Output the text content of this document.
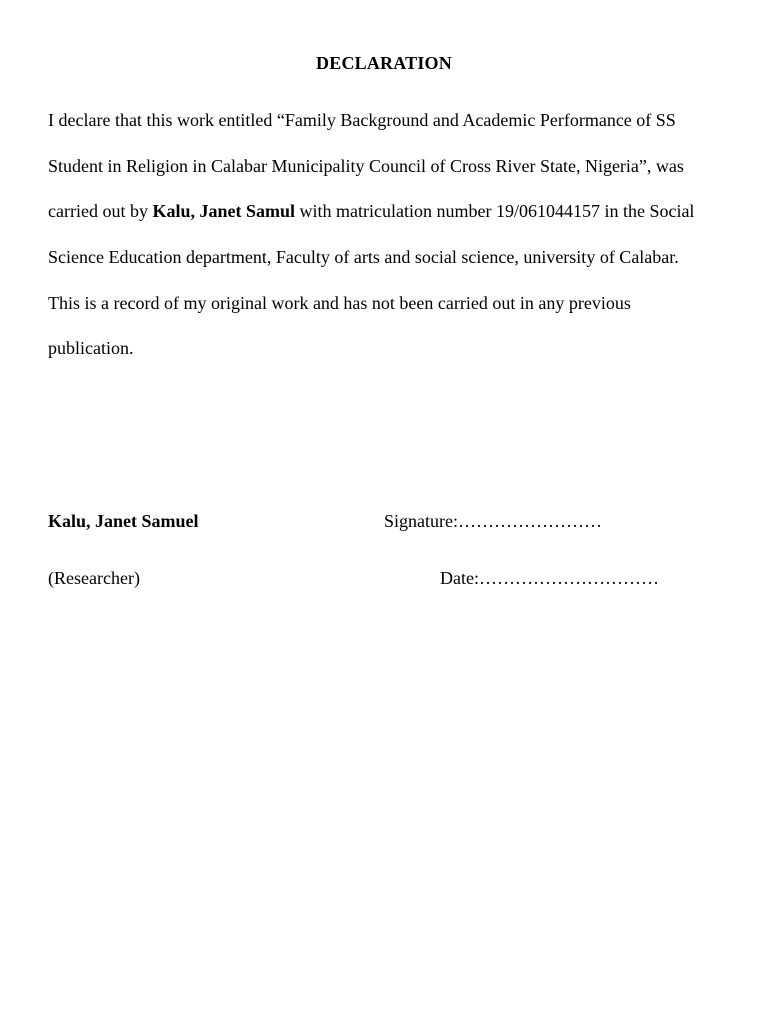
DECLARATION
I declare that this work entitled “Family Background and Academic Performance of SS
Student in Religion in Calabar Municipality Council of Cross River State, Nigeria”, was
carried out by Kalu, Janet Samul with matriculation number 19/061044157 in the Social
Science Education department, Faculty of arts and social science, university of Calabar.
This is a record of my original work and has not been carried out in any previous
publication.
Kalu, Janet Samuel	Signature:……………………
(Researcher)	Date:…………………………
